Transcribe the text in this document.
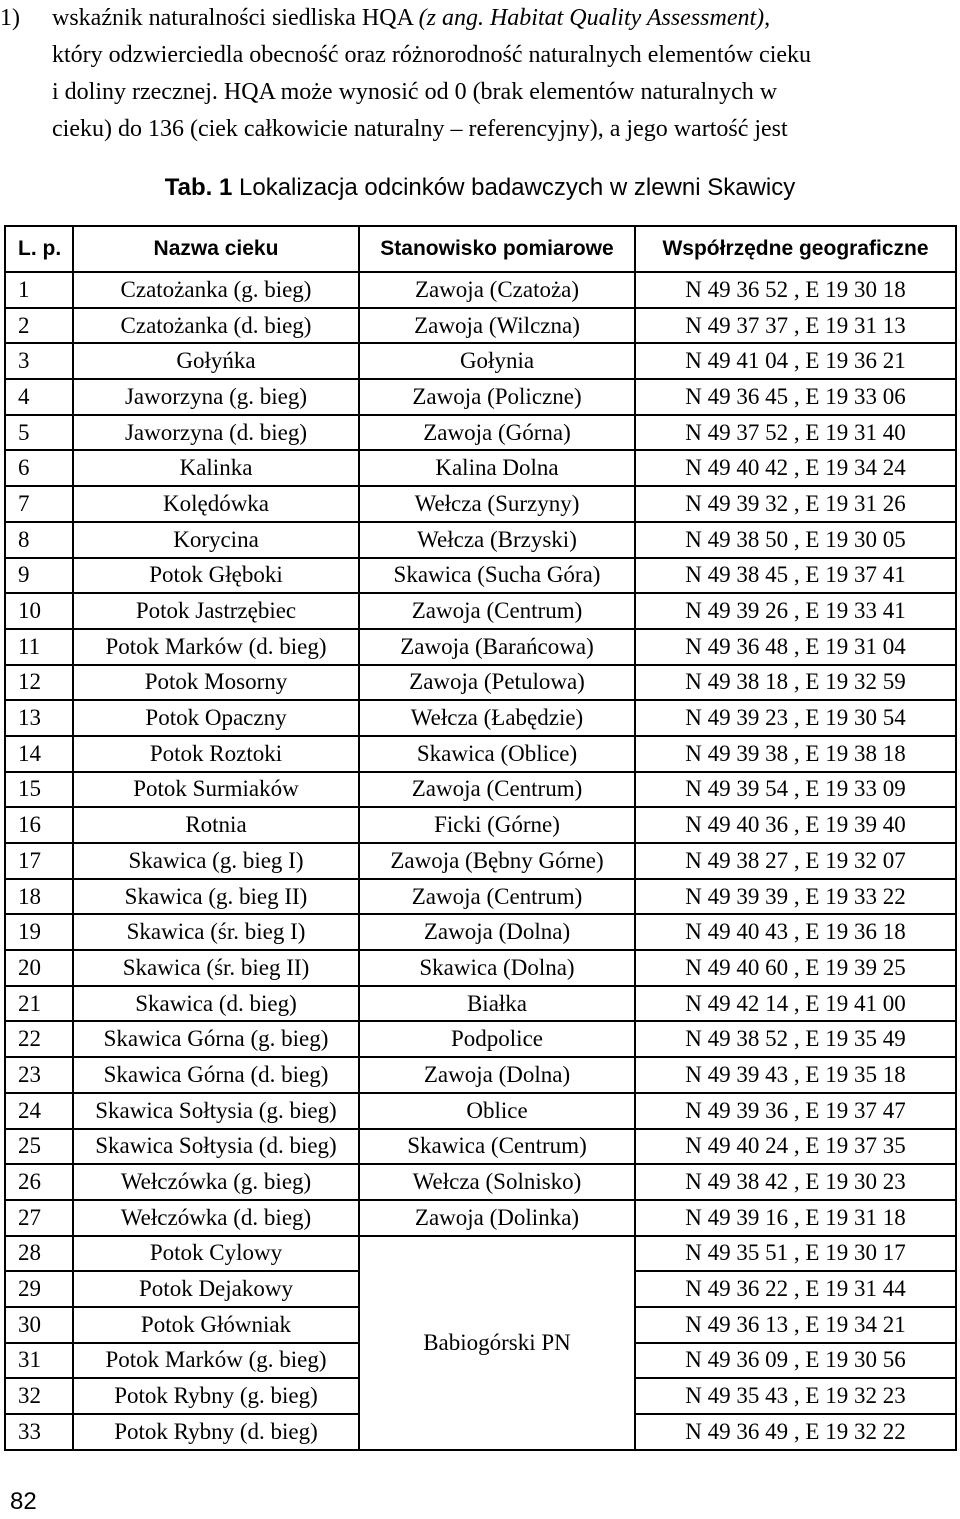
1) wskaźnik naturalności siedliska HQA (z ang. Habitat Quality Assessment),
który odzwierciedla obecność oraz różnorodność naturalnych elementów cieku
i doliny rzecznej. HQA może wynosić od 0 (brak elementów naturalnych w
cieku) do 136 (ciek całkowicie naturalny – referencyjny), a jego wartość jest
Tab. 1 Lokalizacja odcinków badawczych w zlewni Skawicy
L. p.	Nazwa cieku	Stanowisko pomiarowe	Współrzędne geograficzne
1	Czatożanka (g. bieg)	Zawoja (Czatoża)	N 49 36 52 , E 19 30 18
2	Czatożanka (d. bieg)	Zawoja (Wilczna)	N 49 37 37 , E 19 31 13
3	Gołyńka	Gołynia	N 49 41 04 , E 19 36 21
4	Jaworzyna (g. bieg)	Zawoja (Policzne)	N 49 36 45 , E 19 33 06
5	Jaworzyna (d. bieg)	Zawoja (Górna)	N 49 37 52 , E 19 31 40
6	Kalinka	Kalina Dolna	N 49 40 42 , E 19 34 24
7	Kolędówka	Wełcza (Surzyny)	N 49 39 32 , E 19 31 26
8	Korycina	Wełcza (Brzyski)	N 49 38 50 , E 19 30 05
9	Potok Głęboki	Skawica (Sucha Góra)	N 49 38 45 , E 19 37 41
10	Potok Jastrzębiec	Zawoja (Centrum)	N 49 39 26 , E 19 33 41
11	Potok Marków (d. bieg)	Zawoja (Barańcowa)	N 49 36 48 , E 19 31 04
12	Potok Mosorny	Zawoja (Petulowa)	N 49 38 18 , E 19 32 59
13	Potok Opaczny	Wełcza (Łabędzie)	N 49 39 23 , E 19 30 54
14	Potok Roztoki	Skawica (Oblice)	N 49 39 38 , E 19 38 18
15	Potok Surmiaków	Zawoja (Centrum)	N 49 39 54 , E 19 33 09
16	Rotnia	Ficki (Górne)	N 49 40 36 , E 19 39 40
17	Skawica (g. bieg I)	Zawoja (Bębny Górne)	N 49 38 27 , E 19 32 07
18	Skawica (g. bieg II)	Zawoja (Centrum)	N 49 39 39 , E 19 33 22
19	Skawica (śr. bieg I)	Zawoja (Dolna)	N 49 40 43 , E 19 36 18
20	Skawica (śr. bieg II)	Skawica (Dolna)	N 49 40 60 , E 19 39 25
21	Skawica (d. bieg)	Białka	N 49 42 14 , E 19 41 00
22	Skawica Górna (g. bieg)	Podpolice	N 49 38 52 , E 19 35 49
23	Skawica Górna (d. bieg)	Zawoja (Dolna)	N 49 39 43 , E 19 35 18
24	Skawica Sołtysia (g. bieg)	Oblice	N 49 39 36 , E 19 37 47
25	Skawica Sołtysia (d. bieg)	Skawica (Centrum)	N 49 40 24 , E 19 37 35
26	Wełczówka (g. bieg)	Wełcza (Solnisko)	N 49 38 42 , E 19 30 23
27	Wełczówka (d. bieg)	Zawoja (Dolinka)	N 49 39 16 , E 19 31 18
28	Potok Cylowy	Babiogórski PN	N 49 35 51 , E 19 30 17
29	Potok Dejakowy		N 49 36 22 , E 19 31 44
30	Potok Główniak		N 49 36 13 , E 19 34 21
31	Potok Marków (g. bieg)		N 49 36 09 , E 19 30 56
32	Potok Rybny (g. bieg)		N 49 35 43 , E 19 32 23
33	Potok Rybny (d. bieg)		N 49 36 49 , E 19 32 22
82
